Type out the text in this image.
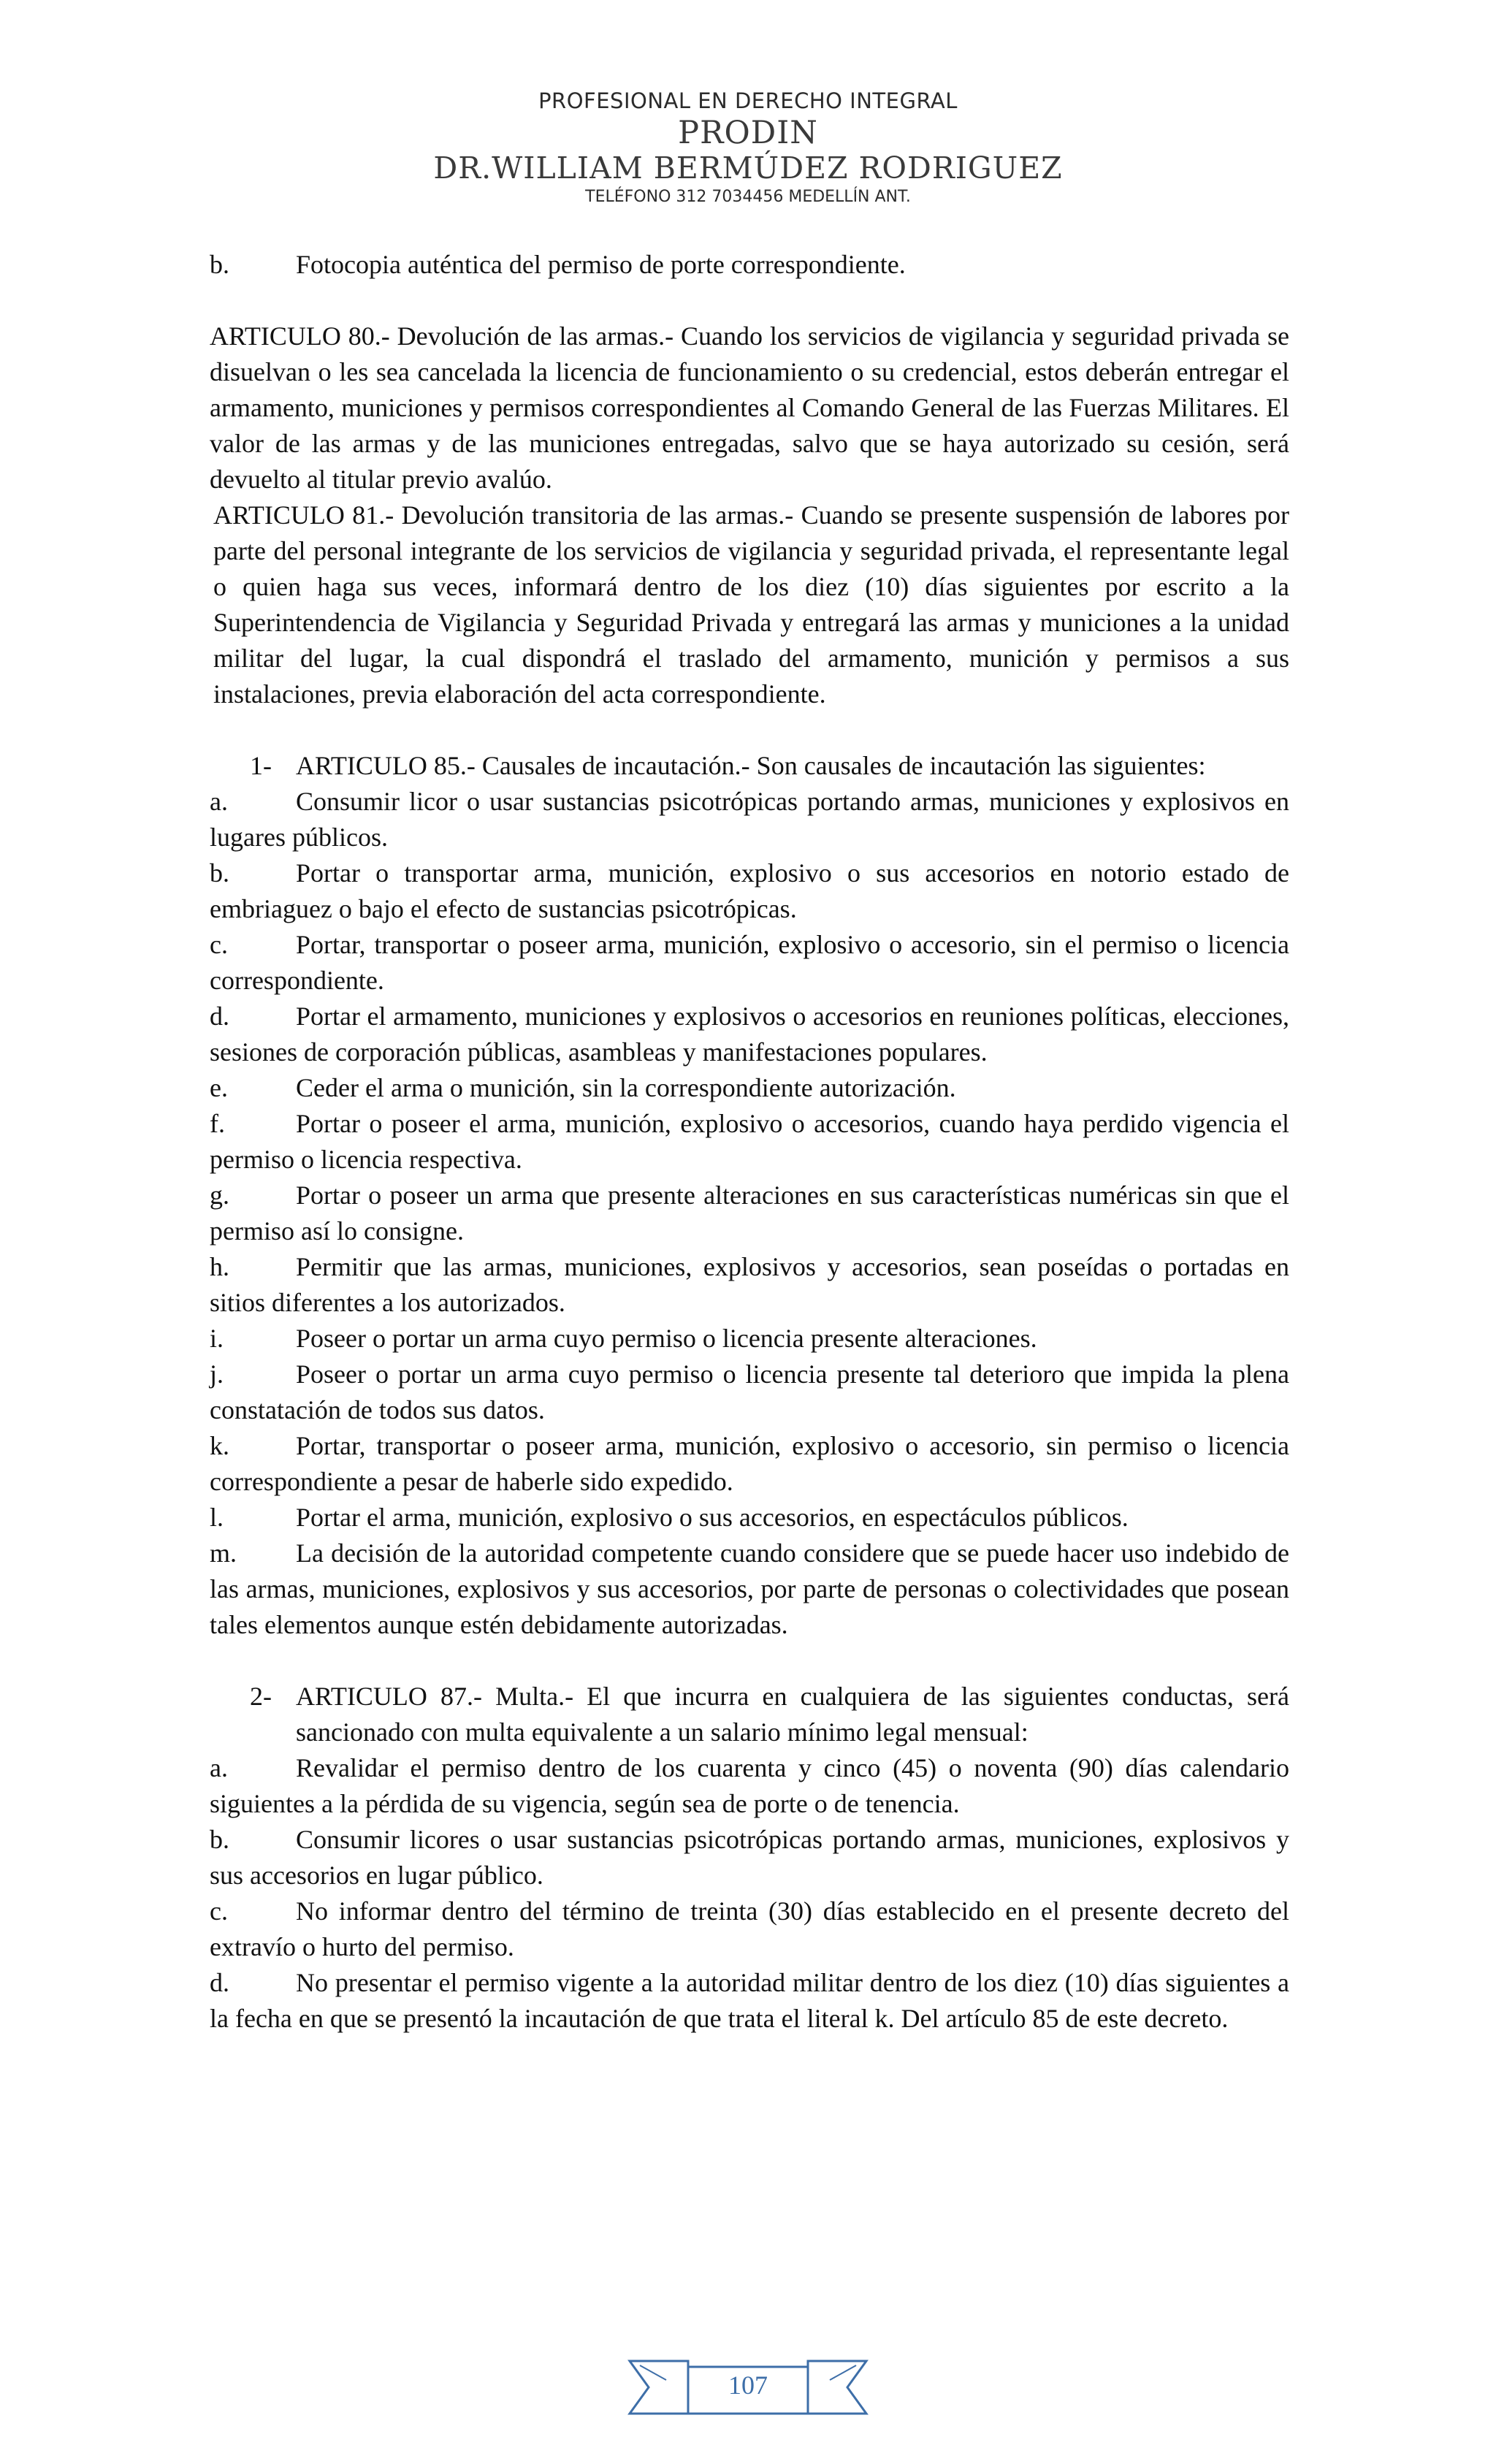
PROFESIONAL EN DERECHO INTEGRAL

PRODIN

DR.WILLIAM BERMÚDEZ RODRIGUEZ

TELÉFONO 312 7034456 MEDELLÍN ANT.

b.	Fotocopia auténtica del permiso de porte correspondiente.

ARTICULO 80.- Devolución de las armas.- Cuando los servicios de vigilancia y seguridad privada se disuelvan o les sea cancelada la licencia de funcionamiento o su credencial, estos deberán entregar el armamento, municiones y permisos correspondientes al Comando General de las Fuerzas Militares. El valor de las armas y de las municiones entregadas, salvo que se haya autorizado su cesión, será devuelto al titular previo avalúo.

ARTICULO 81.- Devolución transitoria de las armas.- Cuando se presente suspensión de labores por parte del personal integrante de los servicios de vigilancia y seguridad privada, el representante legal o quien haga sus veces, informará dentro de los diez (10) días siguientes por escrito a la Superintendencia de Vigilancia y Seguridad Privada y entregará las armas y municiones a la unidad militar del lugar, la cual dispondrá el traslado del armamento, munición y permisos a sus instalaciones, previa elaboración del acta correspondiente.

1- ARTICULO 85.- Causales de incautación.- Son causales de incautación las siguientes:

a.	Consumir licor o usar sustancias psicotrópicas portando armas, municiones y explosivos en lugares públicos.

b.	Portar o transportar arma, munición, explosivo o sus accesorios en notorio estado de embriaguez o bajo el efecto de sustancias psicotrópicas.

c.	Portar, transportar o poseer arma, munición, explosivo o accesorio, sin el permiso o licencia correspondiente.

d.	Portar el armamento, municiones y explosivos o accesorios en reuniones políticas, elecciones, sesiones de corporación públicas, asambleas y manifestaciones populares.

e.	Ceder el arma o munición, sin la correspondiente autorización.

f.	Portar o poseer el arma, munición, explosivo o accesorios, cuando haya perdido vigencia el permiso o licencia respectiva.

g.	Portar o poseer un arma que presente alteraciones en sus características numéricas sin que el permiso así lo consigne.

h.	Permitir que las armas, municiones, explosivos y accesorios, sean poseídas o portadas en sitios diferentes a los autorizados.

i.	Poseer o portar un arma cuyo permiso o licencia presente alteraciones.

j.	Poseer o portar un arma cuyo permiso o licencia presente tal deterioro que impida la plena constatación de todos sus datos.

k.	Portar, transportar o poseer arma, munición, explosivo o accesorio, sin permiso o licencia correspondiente a pesar de haberle sido expedido.

l.	Portar el arma, munición, explosivo o sus accesorios, en espectáculos públicos.

m. La decisión de la autoridad competente cuando considere que se puede hacer uso indebido de las armas, municiones, explosivos y sus accesorios, por parte de personas o colectividades que posean tales elementos aunque estén debidamente autorizadas.

2- ARTICULO 87.- Multa.- El que incurra en cualquiera de las siguientes conductas, será sancionado con multa equivalente a un salario mínimo legal mensual:

a.	Revalidar el permiso dentro de los cuarenta y cinco (45) o noventa (90) días calendario siguientes a la pérdida de su vigencia, según sea de porte o de tenencia.

b.	Consumir licores o usar sustancias psicotrópicas portando armas, municiones, explosivos y sus accesorios en lugar público.

c.	No informar dentro del término de treinta (30) días establecido en el presente decreto del extravío o hurto del permiso.

d.	No presentar el permiso vigente a la autoridad militar dentro de los diez (10) días siguientes a la fecha en que se presentó la incautación de que trata el literal k. Del artículo 85 de este decreto.

107
